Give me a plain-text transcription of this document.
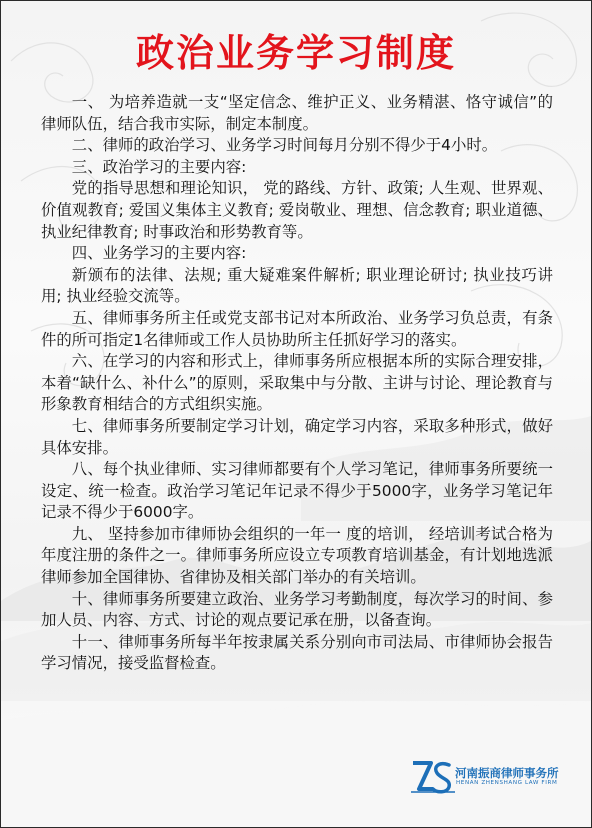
政治业务学习制度

一、 为培养造就一支“坚定信念、维护正义、业务精湛、恪守诚信”的律师队伍，结合我市实际，制定本制度。

二、律师的政治学习、业务学习时间每月分别不得少于4小时。

三、政治学习的主要内容:

党的指导思想和理论知识， 党的路线、方针、政策; 人生观、世界观、价值观教育; 爱国义集体主义教育; 爱岗敬业、理想、信念教育; 职业道德、执业纪律教育; 时事政治和形势教育等。

四、业务学习的主要内容:

新颁布的法律、法规; 重大疑难案件解析; 职业理论研讨; 执业技巧讲用; 执业经验交流等。

五、律师事务所主任或党支部书记对本所政治、业务学习负总责，有条件的所可指定1名律师或工作人员协助所主任抓好学习的落实。

六、在学习的内容和形式上，律师事务所应根据本所的实际合理安排，本着“缺什么、补什么”的原则，采取集中与分散、主讲与讨论、理论教育与形象教育相结合的方式组织实施。

七、律师事务所要制定学习计划，确定学习内容，采取多种形式，做好具体安排。

八、每个执业律师、实习律师都要有个人学习笔记，律师事务所要统一设定、统一检查。政治学习笔记年记录不得少于5000字，业务学习笔记年记录不得少于6000字。

九、 坚持参加市律师协会组织的一年一 度的培训， 经培训考试合格为年度注册的条件之一。律师事务所应设立专项教育培训基金，有计划地选派律师参加全国律协、省律协及相关部门举办的有关培训。

十、律师事务所要建立政治、业务学习考勤制度，每次学习的时间、参加人员、内容、方式、讨论的观点要记承在册，以备查询。

十一、律师事务所每半年按隶属关系分别向市司法局、市律师协会报告学习情况，接受监督检查。

河南振商律师事务所
HENAN ZHENSHANG LAW FIRM
